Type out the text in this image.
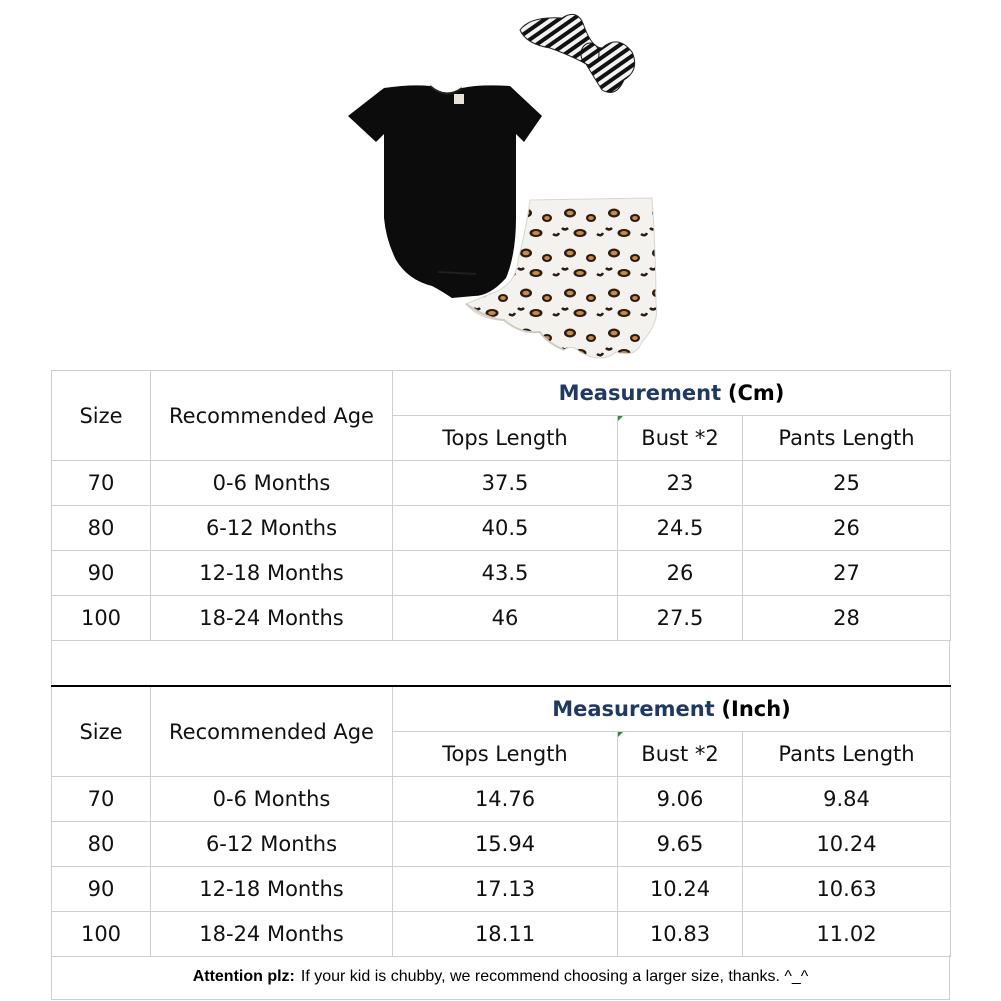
Size	Recommended Age	Measurement (Cm)		
		Tops Length	Bust *2	Pants Length
70	0-6 Months	37.5	23	25
80	6-12 Months	40.5	24.5	26
90	12-18 Months	43.5	26	27
100	18-24 Months	46	27.5	28
Size	Recommended Age	Measurement (Inch)		
		Tops Length	Bust *2	Pants Length
70	0-6 Months	14.76	9.06	9.84
80	6-12 Months	15.94	9.65	10.24
90	12-18 Months	17.13	10.24	10.63
100	18-24 Months	18.11	10.83	11.02
Attention plz: If your kid is chubby, we recommend choosing a larger size, thanks. ^_^
